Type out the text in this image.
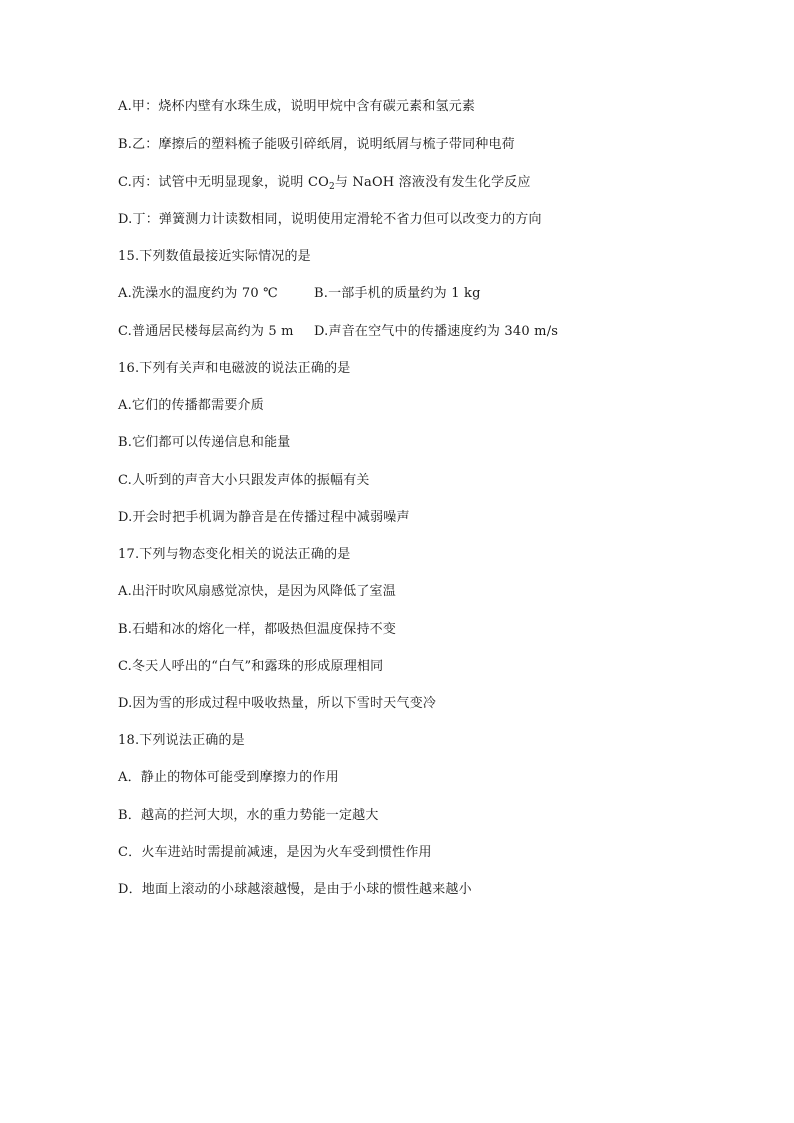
A.甲：烧杯内壁有水珠生成，说明甲烷中含有碳元素和氢元素
B.乙：摩擦后的塑料梳子能吸引碎纸屑，说明纸屑与梳子带同种电荷
C.丙：试管中无明显现象，说明 $CO_2$与 NaOH 溶液没有发生化学反应
D.丁：弹簧测力计读数相同，说明使用定滑轮不省力但可以改变力的方向
15.下列数值最接近实际情况的是
A.洗澡水的温度约为 70 ℃	B.一部手机的质量约为 1 kg
C.普通居民楼每层高约为 5 m D.声音在空气中的传播速度约为 340 m/s
16.下列有关声和电磁波的说法正确的是
A.它们的传播都需要介质
B.它们都可以传递信息和能量
C.人听到的声音大小只跟发声体的振幅有关
D.开会时把手机调为静音是在传播过程中减弱噪声
17.下列与物态变化相关的说法正确的是
A.出汗时吹风扇感觉凉快，是因为风降低了室温
B.石蜡和冰的熔化一样，都吸热但温度保持不变
C.冬天人呼出的“白气”和露珠的形成原理相同
D.因为雪的形成过程中吸收热量，所以下雪时天气变冷
18.下列说法正确的是
A．静止的物体可能受到摩擦力的作用
B．越高的拦河大坝，水的重力势能一定越大
C．火车进站时需提前减速，是因为火车受到惯性作用
D．地面上滚动的小球越滚越慢，是由于小球的惯性越来越小
